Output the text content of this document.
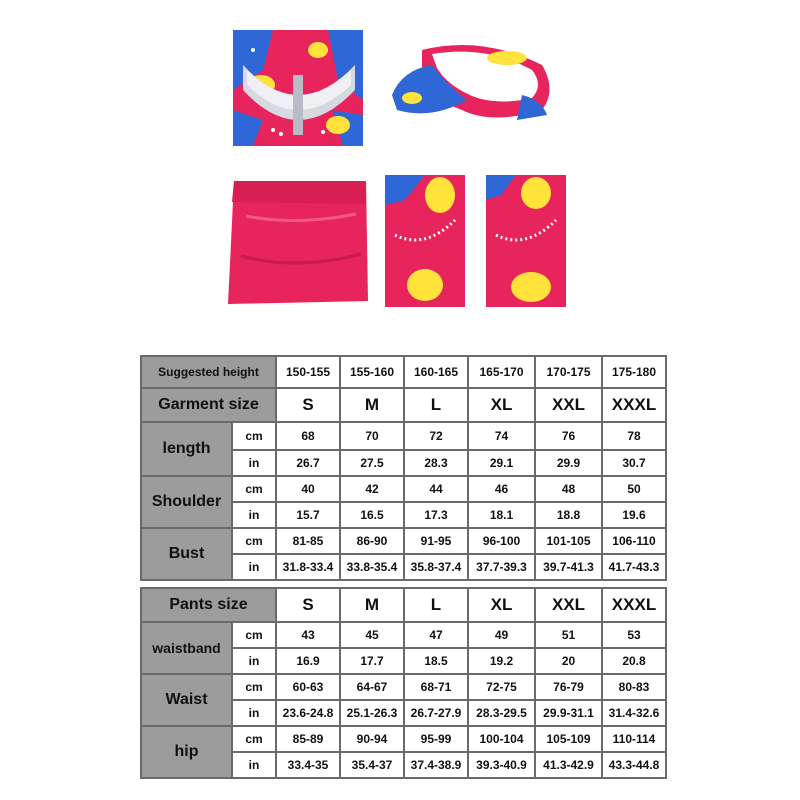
Suggested height		150-155	155-160	160-165	165-170	170-175	175-180
Garment size		S	M	L	XL	XXL	XXXL
length	cm	68	70	72	74	76	78
	in	26.7	27.5	28.3	29.1	29.9	30.7
Shoulder	cm	40	42	44	46	48	50
	in	15.7	16.5	17.3	18.1	18.8	19.6
Bust	cm	81-85	86-90	91-95	96-100	101-105	106-110
	in	31.8-33.4	33.8-35.4	35.8-37.4	37.7-39.3	39.7-41.3	41.7-43.3
Pants size		S	M	L	XL	XXL	XXXL
waistband	cm	43	45	47	49	51	53
	in	16.9	17.7	18.5	19.2	20	20.8
Waist	cm	60-63	64-67	68-71	72-75	76-79	80-83
	in	23.6-24.8	25.1-26.3	26.7-27.9	28.3-29.5	29.9-31.1	31.4-32.6
hip	cm	85-89	90-94	95-99	100-104	105-109	110-114
	in	33.4-35	35.4-37	37.4-38.9	39.3-40.9	41.3-42.9	43.3-44.8
